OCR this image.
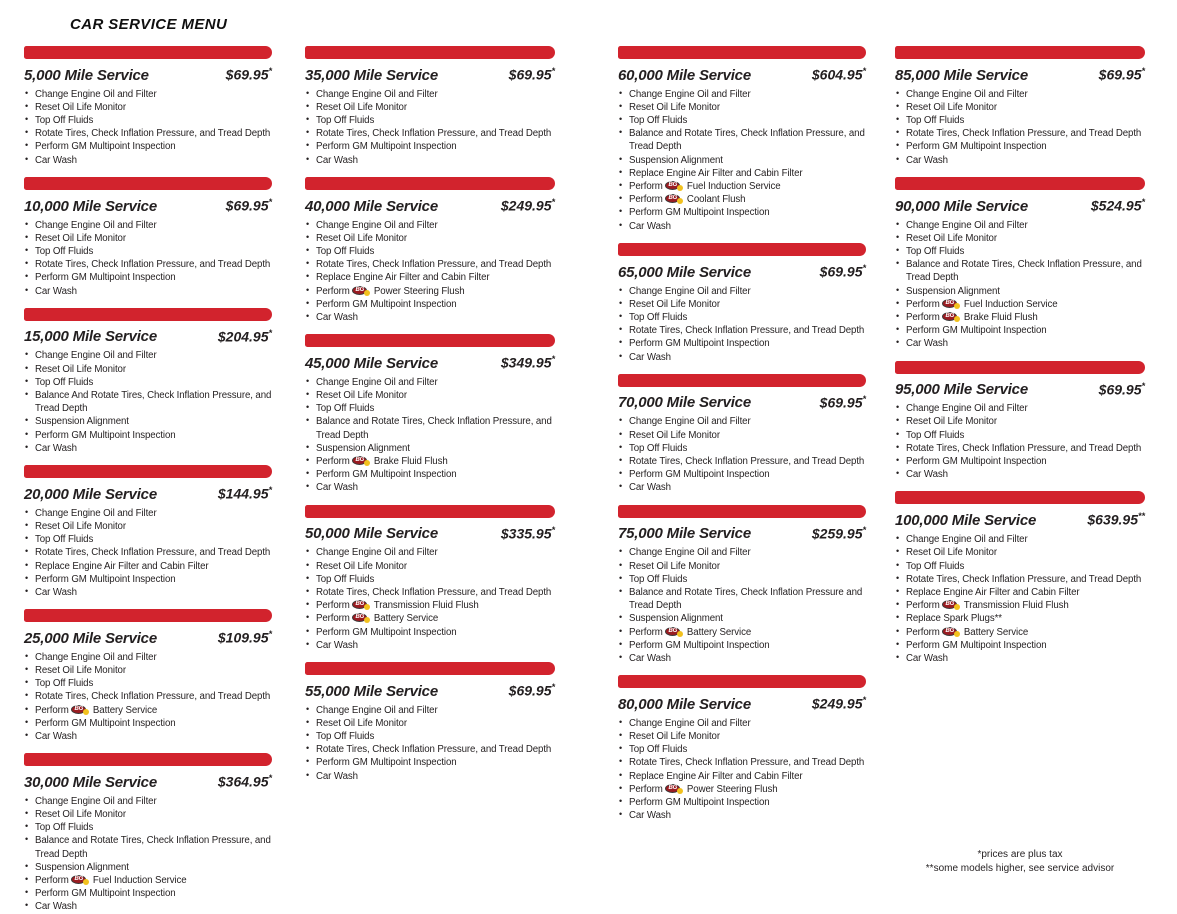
CAR SERVICE MENU
5,000 Mile Service	$69.95*
• Change Engine Oil and Filter
• Reset Oil Life Monitor
• Top Off Fluids
• Rotate Tires, Check Inflation Pressure, and Tread Depth
• Perform GM Multipoint Inspection
• Car Wash
10,000 Mile Service	$69.95*
• Change Engine Oil and Filter
• Reset Oil Life Monitor
• Top Off Fluids
• Rotate Tires, Check Inflation Pressure, and Tread Depth
• Perform GM Multipoint Inspection
• Car Wash
15,000 Mile Service	$204.95*
• Change Engine Oil and Filter
• Reset Oil Life Monitor
• Top Off Fluids
• Balance And Rotate Tires, Check Inflation Pressure, and Tread Depth
• Suspension Alignment
• Perform GM Multipoint Inspection
• Car Wash
20,000 Mile Service	$144.95*
• Change Engine Oil and Filter
• Reset Oil Life Monitor
• Top Off Fluids
• Rotate Tires, Check Inflation Pressure, and Tread Depth
• Replace Engine Air Filter and Cabin Filter
• Perform GM Multipoint Inspection
• Car Wash
25,000 Mile Service	$109.95*
• Change Engine Oil and Filter
• Reset Oil Life Monitor
• Top Off Fluids
• Rotate Tires, Check Inflation Pressure, and Tread Depth
• Perform BG Battery Service
• Perform GM Multipoint Inspection
• Car Wash
30,000 Mile Service	$364.95*
• Change Engine Oil and Filter
• Reset Oil Life Monitor
• Top Off Fluids
• Balance and Rotate Tires, Check Inflation Pressure, and Tread Depth
• Suspension Alignment
• Perform BG Fuel Induction Service
• Perform GM Multipoint Inspection
• Car Wash
35,000 Mile Service	$69.95*
• Change Engine Oil and Filter
• Reset Oil Life Monitor
• Top Off Fluids
• Rotate Tires, Check Inflation Pressure, and Tread Depth
• Perform GM Multipoint Inspection
• Car Wash
40,000 Mile Service	$249.95*
• Change Engine Oil and Filter
• Reset Oil Life Monitor
• Top Off Fluids
• Rotate Tires, Check Inflation Pressure, and Tread Depth
• Replace Engine Air Filter and Cabin Filter
• Perform BG Power Steering Flush
• Perform GM Multipoint Inspection
• Car Wash
45,000 Mile Service	$349.95*
• Change Engine Oil and Filter
• Reset Oil Life Monitor
• Top Off Fluids
• Balance and Rotate Tires, Check Inflation Pressure, and Tread Depth
• Suspension Alignment
• Perform BG Brake Fluid Flush
• Perform GM Multipoint Inspection
• Car Wash
50,000 Mile Service	$335.95*
• Change Engine Oil and Filter
• Reset Oil Life Monitor
• Top Off Fluids
• Rotate Tires, Check Inflation Pressure, and Tread Depth
• Perform BG Transmission Fluid Flush
• Perform BG Battery Service
• Perform GM Multipoint Inspection
• Car Wash
55,000 Mile Service	$69.95*
• Change Engine Oil and Filter
• Reset Oil Life Monitor
• Top Off Fluids
• Rotate Tires, Check Inflation Pressure, and Tread Depth
• Perform GM Multipoint Inspection
• Car Wash
60,000 Mile Service	$604.95*
• Change Engine Oil and Filter
• Reset Oil Life Monitor
• Top Off Fluids
• Balance and Rotate Tires, Check Inflation Pressure, and Tread Depth
• Suspension Alignment
• Replace Engine Air Filter and Cabin Filter
• Perform BG Fuel Induction Service
• Perform BG Coolant Flush
• Perform GM Multipoint Inspection
• Car Wash
65,000 Mile Service	$69.95*
• Change Engine Oil and Filter
• Reset Oil Life Monitor
• Top Off Fluids
• Rotate Tires, Check Inflation Pressure, and Tread Depth
• Perform GM Multipoint Inspection
• Car Wash
70,000 Mile Service	$69.95*
• Change Engine Oil and Filter
• Reset Oil Life Monitor
• Top Off Fluids
• Rotate Tires, Check Inflation Pressure, and Tread Depth
• Perform GM Multipoint Inspection
• Car Wash
75,000 Mile Service	$259.95*
• Change Engine Oil and Filter
• Reset Oil Life Monitor
• Top Off Fluids
• Balance and Rotate Tires, Check Inflation Pressure and Tread Depth
• Suspension Alignment
• Perform BG Battery Service
• Perform GM Multipoint Inspection
• Car Wash
80,000 Mile Service	$249.95*
• Change Engine Oil and Filter
• Reset Oil Life Monitor
• Top Off Fluids
• Rotate Tires, Check Inflation Pressure, and Tread Depth
• Replace Engine Air Filter and Cabin Filter
• Perform BG Power Steering Flush
• Perform GM Multipoint Inspection
• Car Wash
85,000 Mile Service	$69.95*
• Change Engine Oil and Filter
• Reset Oil Life Monitor
• Top Off Fluids
• Rotate Tires, Check Inflation Pressure, and Tread Depth
• Perform GM Multipoint Inspection
• Car Wash
90,000 Mile Service	$524.95*
• Change Engine Oil and Filter
• Reset Oil Life Monitor
• Top Off Fluids
• Balance and Rotate Tires, Check Inflation Pressure, and Tread Depth
• Suspension Alignment
• Perform BG Fuel Induction Service
• Perform BG Brake Fluid Flush
• Perform GM Multipoint Inspection
• Car Wash
95,000 Mile Service	$69.95*
• Change Engine Oil and Filter
• Reset Oil Life Monitor
• Top Off Fluids
• Rotate Tires, Check Inflation Pressure, and Tread Depth
• Perform GM Multipoint Inspection
• Car Wash
100,000 Mile Service	$639.95**
• Change Engine Oil and Filter
• Reset Oil Life Monitor
• Top Off Fluids
• Rotate Tires, Check Inflation Pressure, and Tread Depth
• Replace Engine Air Filter and Cabin Filter
• Perform BG Transmission Fluid Flush
• Replace Spark Plugs**
• Perform BG Battery Service
• Perform GM Multipoint Inspection
• Car Wash
*prices are plus tax
**some models higher, see service advisor
